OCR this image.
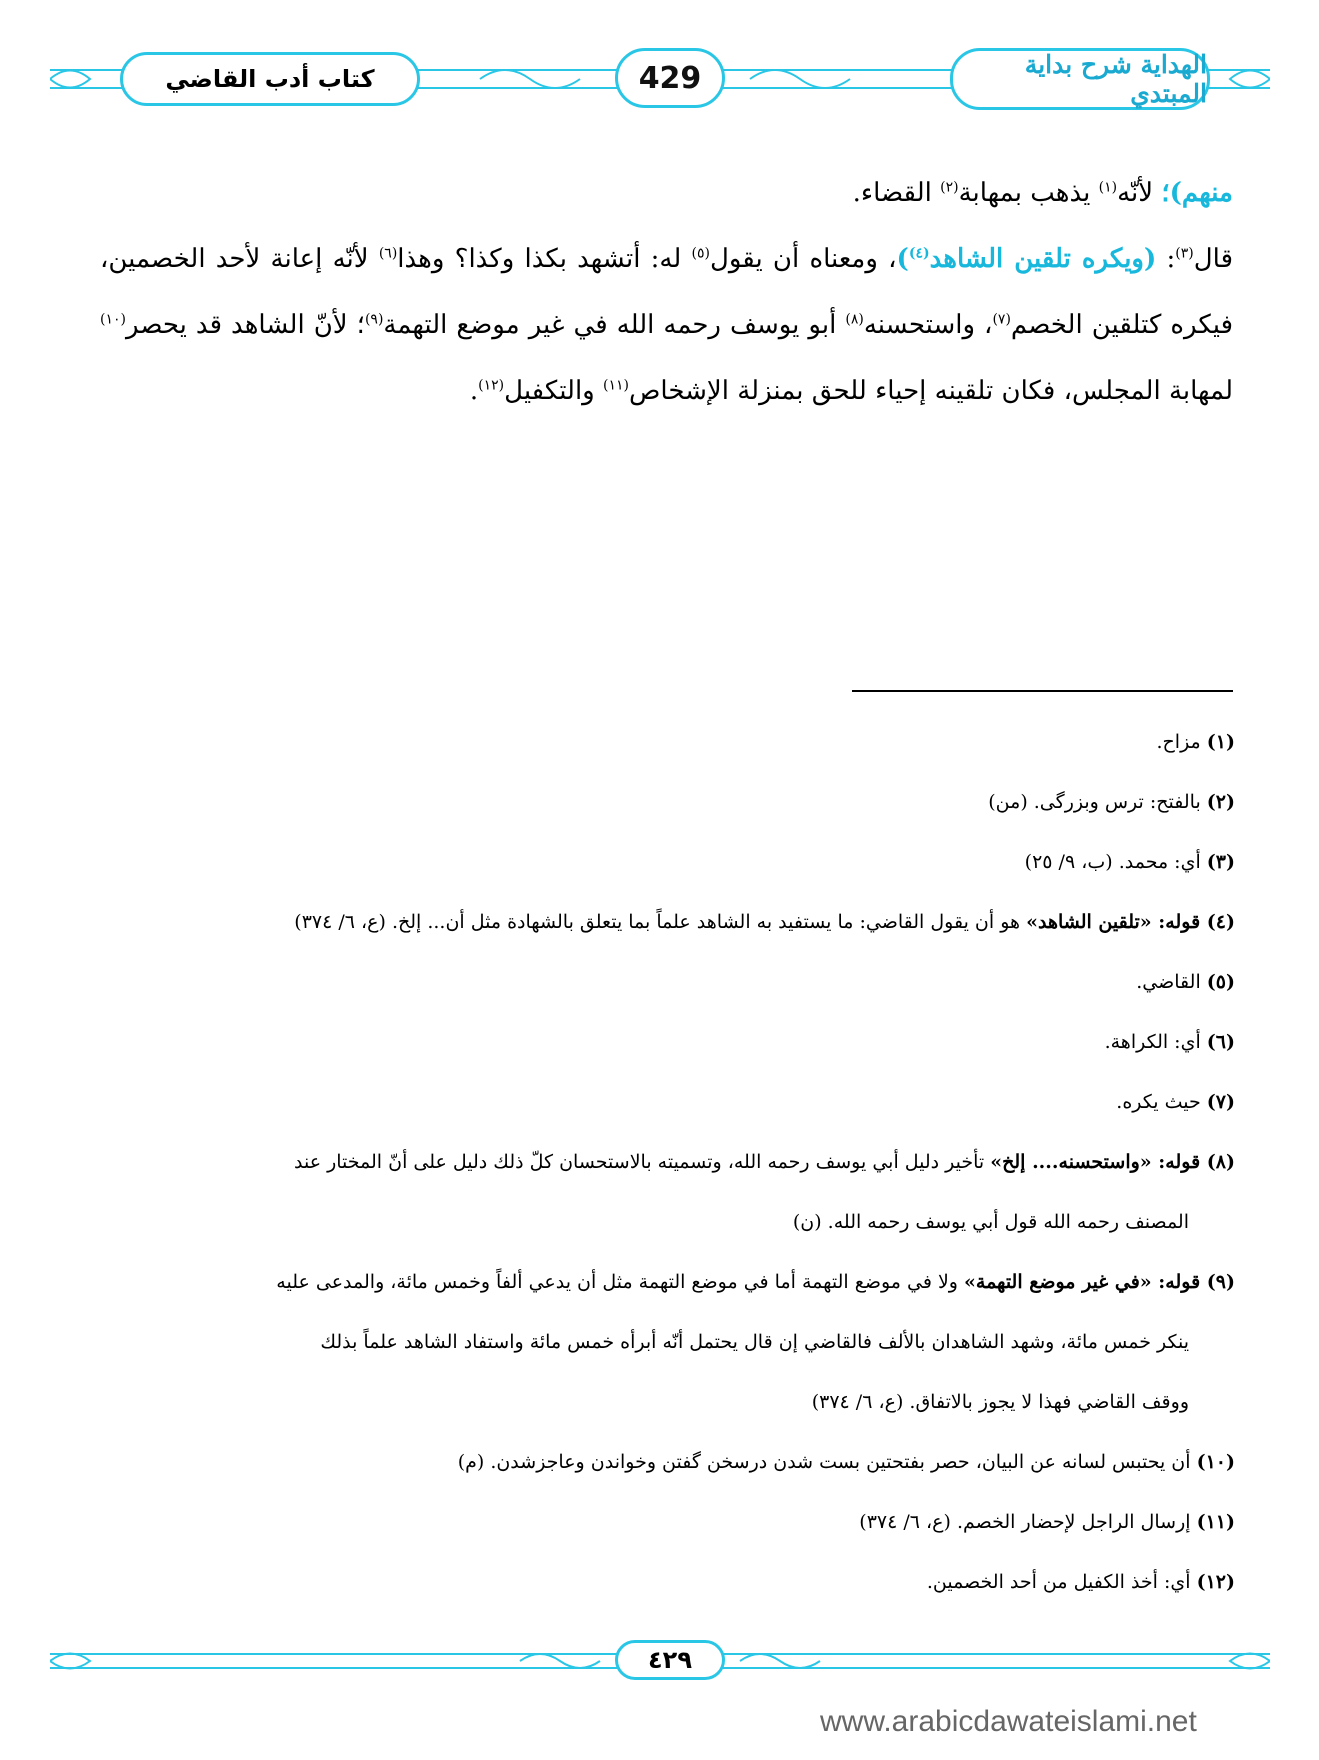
كتاب أدب القاضي	429	الهداية شرح بداية المبتدي

منهم)؛ لأنّه$^{(١)}$ يذهب بمهابة$^{(٢)}$ القضاء.

قال$^{(٣)}$: (ويكره تلقين الشاهد$^{(٤)}$)، ومعناه أن يقول$^{(٥)}$ له: أتشهد بكذا وكذا؟ وهذا$^{(٦)}$ لأنّه إعانة لأحد الخصمين، فيكره كتلقين الخصم$^{(٧)}$، واستحسنه$^{(٨)}$ أبو يوسف رحمه الله في غير موضع التهمة$^{(٩)}$؛ لأنّ الشاهد قد يحصر$^{(١٠)}$ لمهابة المجلس، فكان تلقينه إحياء للحق بمنزلة الإشخاص$^{(١١)}$ والتكفيل$^{(١٢)}$.

(١) مزاح.

(٢) بالفتح: ترس وبزرگی. (من)

(٣) أي: محمد. (ب، ٩/ ٢٥)

(٤) قوله: «تلقين الشاهد» هو أن يقول القاضي: ما يستفيد به الشاهد علماً بما يتعلق بالشهادة مثل أن... إلخ. (ع، ٦/ ٣٧٤)

(٥) القاضي.

(٦) أي: الكراهة.

(٧) حيث يكره.

(٨) قوله: «واستحسنه.... إلخ» تأخير دليل أبي يوسف رحمه الله، وتسميته بالاستحسان كلّ ذلك دليل على أنّ المختار عند

المصنف رحمه الله قول أبي يوسف رحمه الله. (ن)

(٩) قوله: «في غير موضع التهمة» ولا في موضع التهمة أما في موضع التهمة مثل أن يدعي ألفاً وخمس مائة، والمدعى عليه

ينكر خمس مائة، وشهد الشاهدان بالألف فالقاضي إن قال يحتمل أنّه أبرأه خمس مائة واستفاد الشاهد علماً بذلك

ووقف القاضي فهذا لا يجوز بالاتفاق. (ع، ٦/ ٣٧٤)

(١٠) أن يحتبس لسانه عن البيان، حصر بفتحتين بست شدن درسخن گفتن وخواندن وعاجزشدن. (م)

(١١) إرسال الراجل لإحضار الخصم. (ع، ٦/ ٣٧٤)

(١٢) أي: أخذ الكفيل من أحد الخصمين.

٤٢٩
www.arabicdawateislami.net
